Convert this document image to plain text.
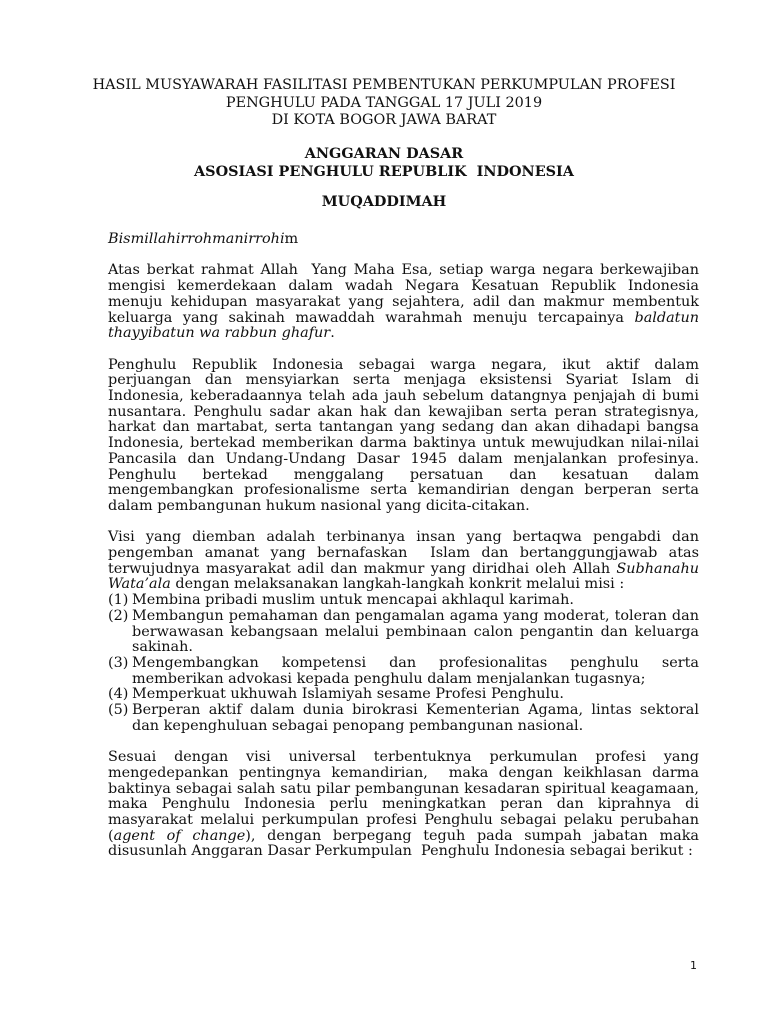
HASIL MUSYAWARAH FASILITASI PEMBENTUKAN PERKUMPULAN PROFESI
PENGHULU PADA TANGGAL 17 JULI 2019
DI KOTA BOGOR JAWA BARAT
ANGGARAN DASAR
ASOSIASI PENGHULU REPUBLIK  INDONESIA
MUQADDIMAH
Bismillahirrohmanirrohim
Atas berkat rahmat Allah  Yang Maha Esa, setiap warga negara berkewajiban mengisi kemerdekaan dalam wadah Negara Kesatuan Republik Indonesia menuju kehidupan masyarakat yang sejahtera, adil dan makmur membentuk keluarga yang sakinah mawaddah warahmah menuju tercapainya baldatun thayyibatun wa rabbun ghafur.
Penghulu Republik Indonesia sebagai warga negara, ikut aktif dalam perjuangan dan mensyiarkan serta menjaga eksistensi Syariat Islam di Indonesia, keberadaannya telah ada jauh sebelum datangnya penjajah di bumi nusantara. Penghulu sadar akan hak dan kewajiban serta peran strategisnya, harkat dan martabat, serta tantangan yang sedang dan akan dihadapi bangsa Indonesia, bertekad memberikan darma baktinya untuk mewujudkan nilai-nilai Pancasila dan Undang-Undang Dasar 1945 dalam menjalankan profesinya. Penghulu bertekad menggalang persatuan dan kesatuan dalam mengembangkan profesionalisme serta kemandirian dengan berperan serta dalam pembangunan hukum nasional yang dicita-citakan.
Visi yang diemban adalah terbinanya insan yang bertaqwa pengabdi dan pengemban amanat yang bernafaskan  Islam dan bertanggungjawab atas terwujudnya masyarakat adil dan makmur yang diridhai oleh Allah Subhanahu Wata’ala dengan melaksanakan langkah-langkah konkrit melalui misi :
(1) Membina pribadi muslim untuk mencapai akhlaqul karimah.
(2) Membangun pemahaman dan pengamalan agama yang moderat, toleran dan berwawasan kebangsaan melalui pembinaan calon pengantin dan keluarga sakinah.
(3) Mengembangkan kompetensi dan profesionalitas penghulu serta memberikan advokasi kepada penghulu dalam menjalankan tugasnya;
(4) Memperkuat ukhuwah Islamiyah sesame Profesi Penghulu.
(5) Berperan aktif dalam dunia birokrasi Kementerian Agama, lintas sektoral dan kepenghuluan sebagai penopang pembangunan nasional.
Sesuai dengan visi universal terbentuknya perkumulan profesi yang mengedepankan pentingnya kemandirian,  maka dengan keikhlasan darma baktinya sebagai salah satu pilar pembangunan kesadaran spiritual keagamaan, maka Penghulu Indonesia perlu meningkatkan peran dan kiprahnya di masyarakat melalui perkumpulan profesi Penghulu sebagai pelaku perubahan (agent of change), dengan berpegang teguh pada sumpah jabatan maka disusunlah Anggaran Dasar Perkumpulan  Penghulu Indonesia sebagai berikut :
1
